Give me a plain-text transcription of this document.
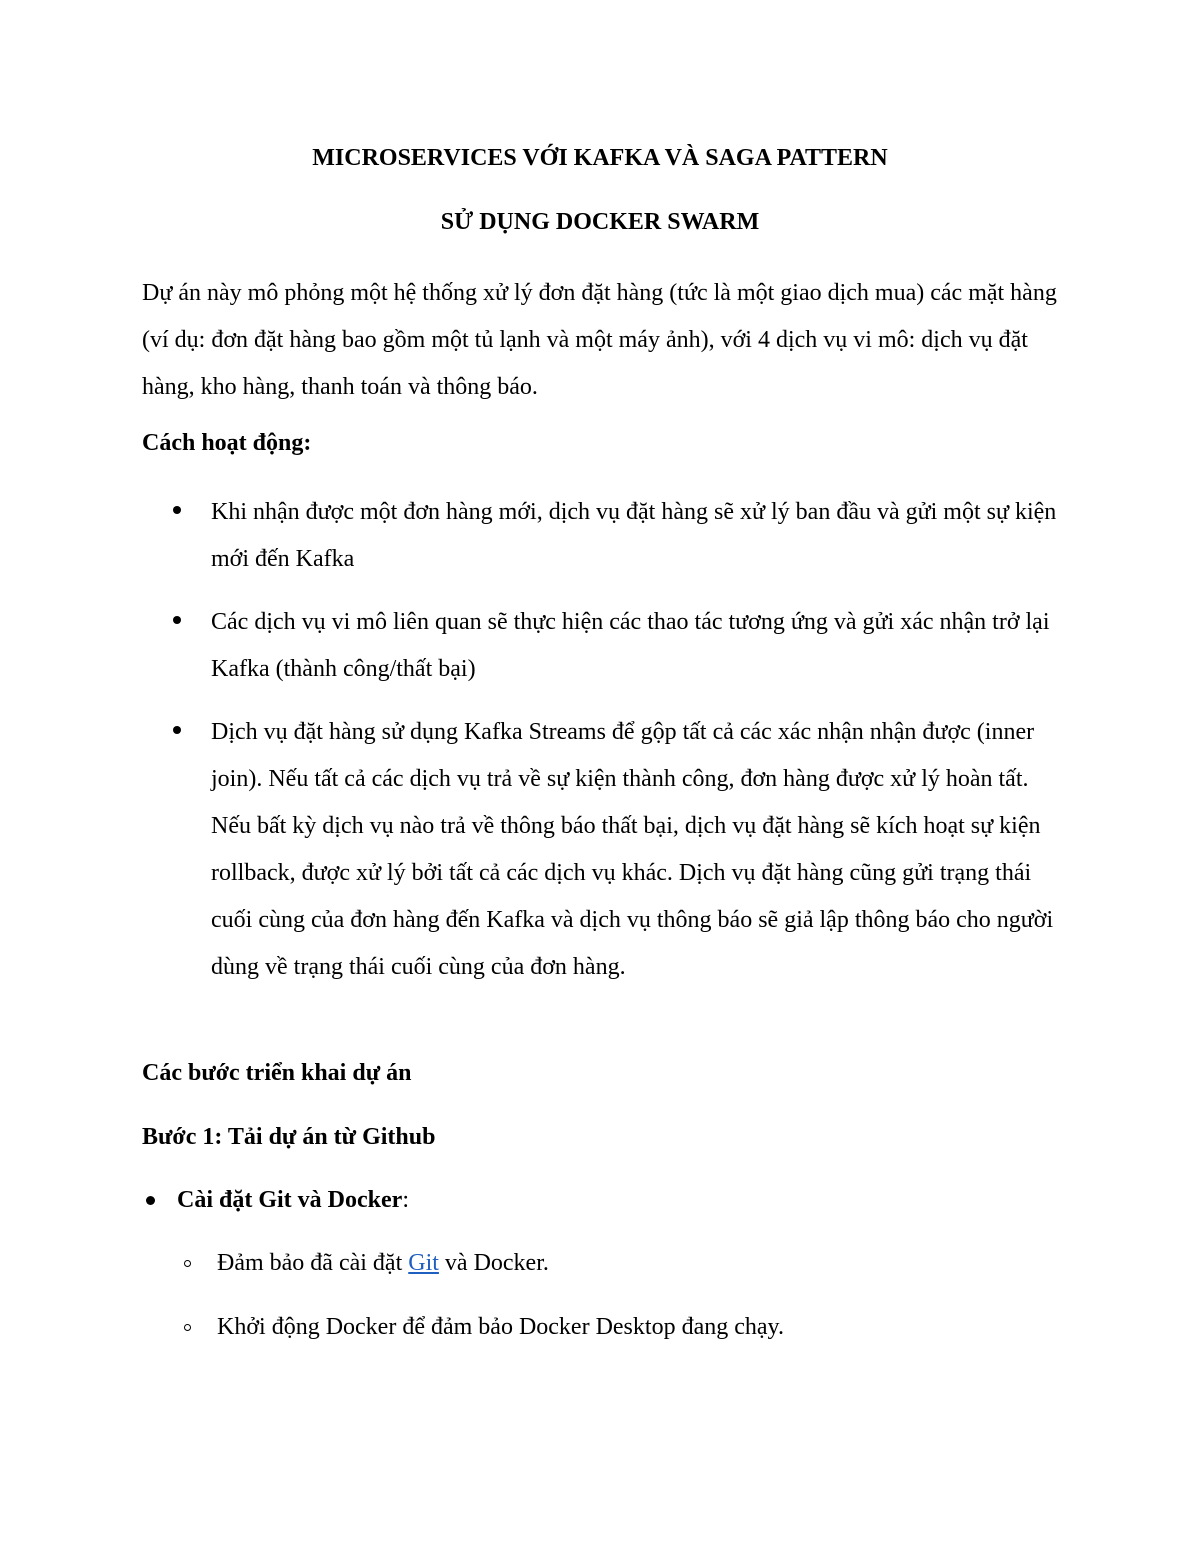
MICROSERVICES VỚI KAFKA VÀ SAGA PATTERN

SỬ DỤNG DOCKER SWARM

Dự án này mô phỏng một hệ thống xử lý đơn đặt hàng (tức là một giao dịch mua) các mặt hàng (ví dụ: đơn đặt hàng bao gồm một tủ lạnh và một máy ảnh), với 4 dịch vụ vi mô: dịch vụ đặt hàng, kho hàng, thanh toán và thông báo.

Cách hoạt động:

Khi nhận được một đơn hàng mới, dịch vụ đặt hàng sẽ xử lý ban đầu và gửi một sự kiện mới đến Kafka
Các dịch vụ vi mô liên quan sẽ thực hiện các thao tác tương ứng và gửi xác nhận trở lại Kafka (thành công/thất bại)
Dịch vụ đặt hàng sử dụng Kafka Streams để gộp tất cả các xác nhận nhận được (inner join). Nếu tất cả các dịch vụ trả về sự kiện thành công, đơn hàng được xử lý hoàn tất. Nếu bất kỳ dịch vụ nào trả về thông báo thất bại, dịch vụ đặt hàng sẽ kích hoạt sự kiện rollback, được xử lý bởi tất cả các dịch vụ khác. Dịch vụ đặt hàng cũng gửi trạng thái cuối cùng của đơn hàng đến Kafka và dịch vụ thông báo sẽ giả lập thông báo cho người dùng về trạng thái cuối cùng của đơn hàng.

Các bước triển khai dự án

Bước 1: Tải dự án từ Github

Cài đặt Git và Docker:
Đảm bảo đã cài đặt Git và Docker.
Khởi động Docker để đảm bảo Docker Desktop đang chạy.
